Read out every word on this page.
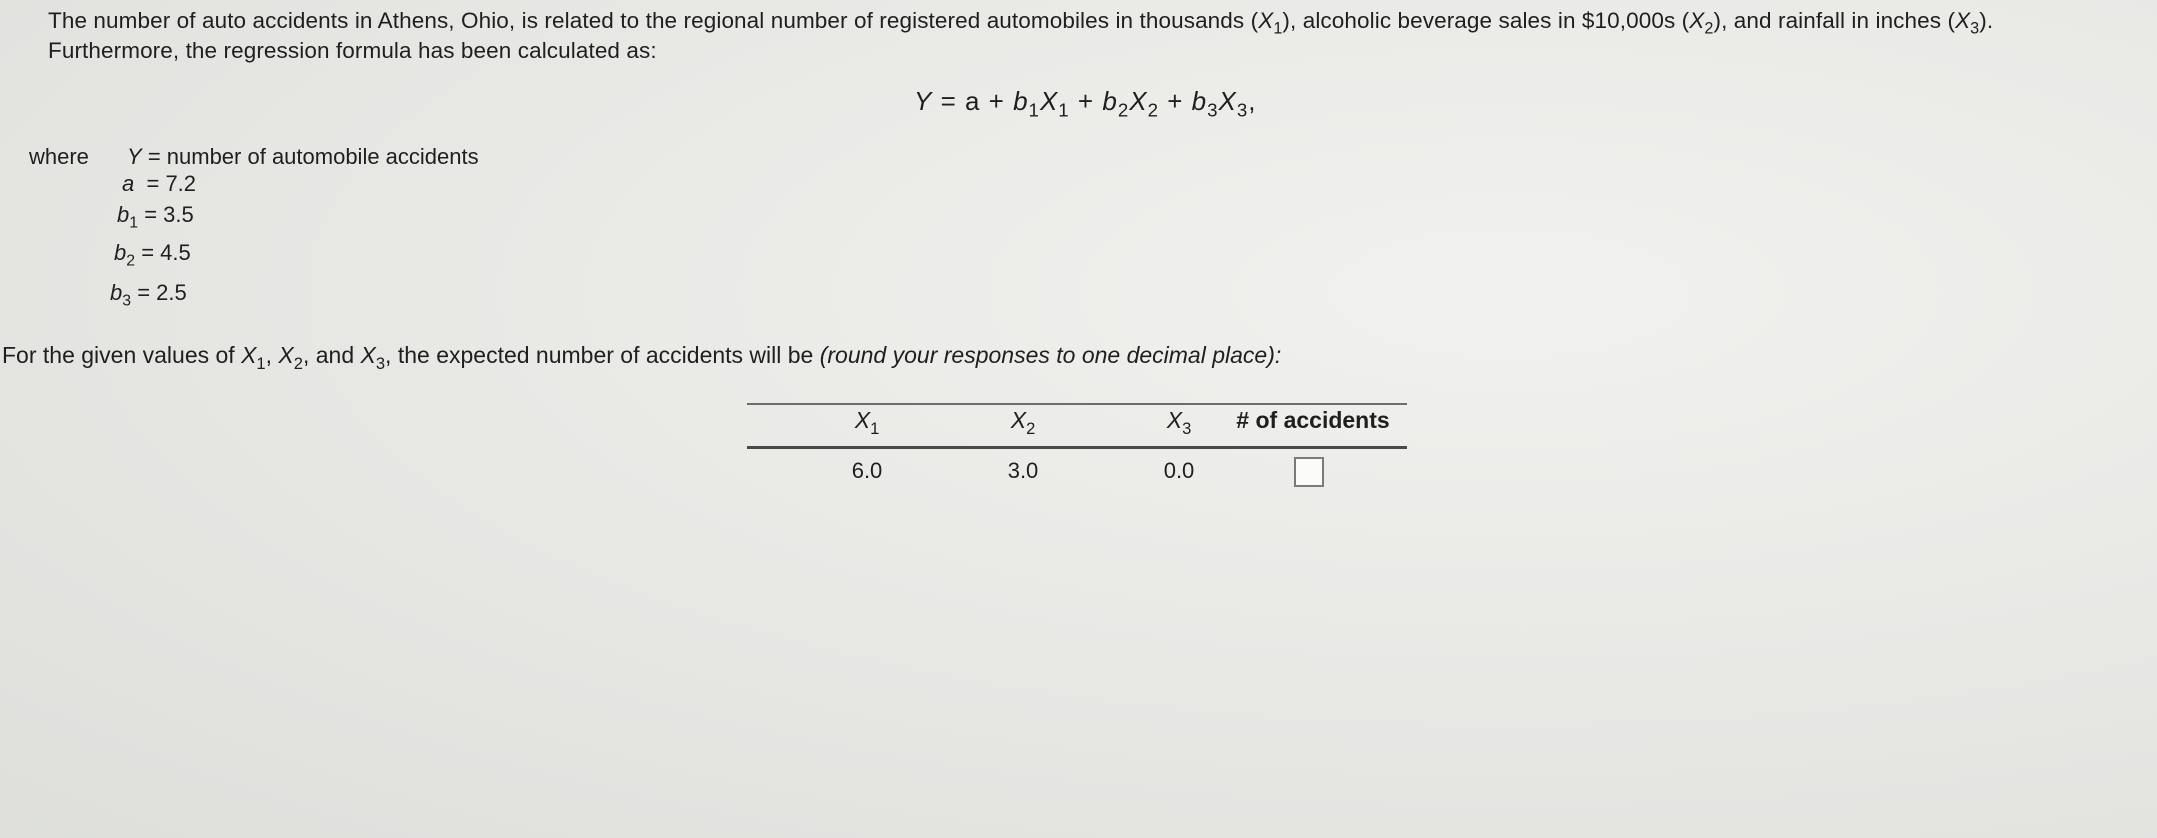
The number of auto accidents in Athens, Ohio, is related to the regional number of registered automobiles in thousands $(X_1)$, alcoholic beverage sales in $10,000s $(X_2)$, and rainfall in inches $(X_3)$.
Furthermore, the regression formula has been calculated as:
$Y = a + b_1X_1 + b_2X_2 + b_3X_3$,
where Y = number of automobile accidents
a = 7.2
$b_1 = 3.5$
$b_2 = 4.5$
$b_3 = 2.5$
For the given values of $X_1$, $X_2$, and $X_3$, the expected number of accidents will be (round your responses to one decimal place):
$X_1$	$X_2$	$X_3$	# of accidents
6.0	3.0	0.0
